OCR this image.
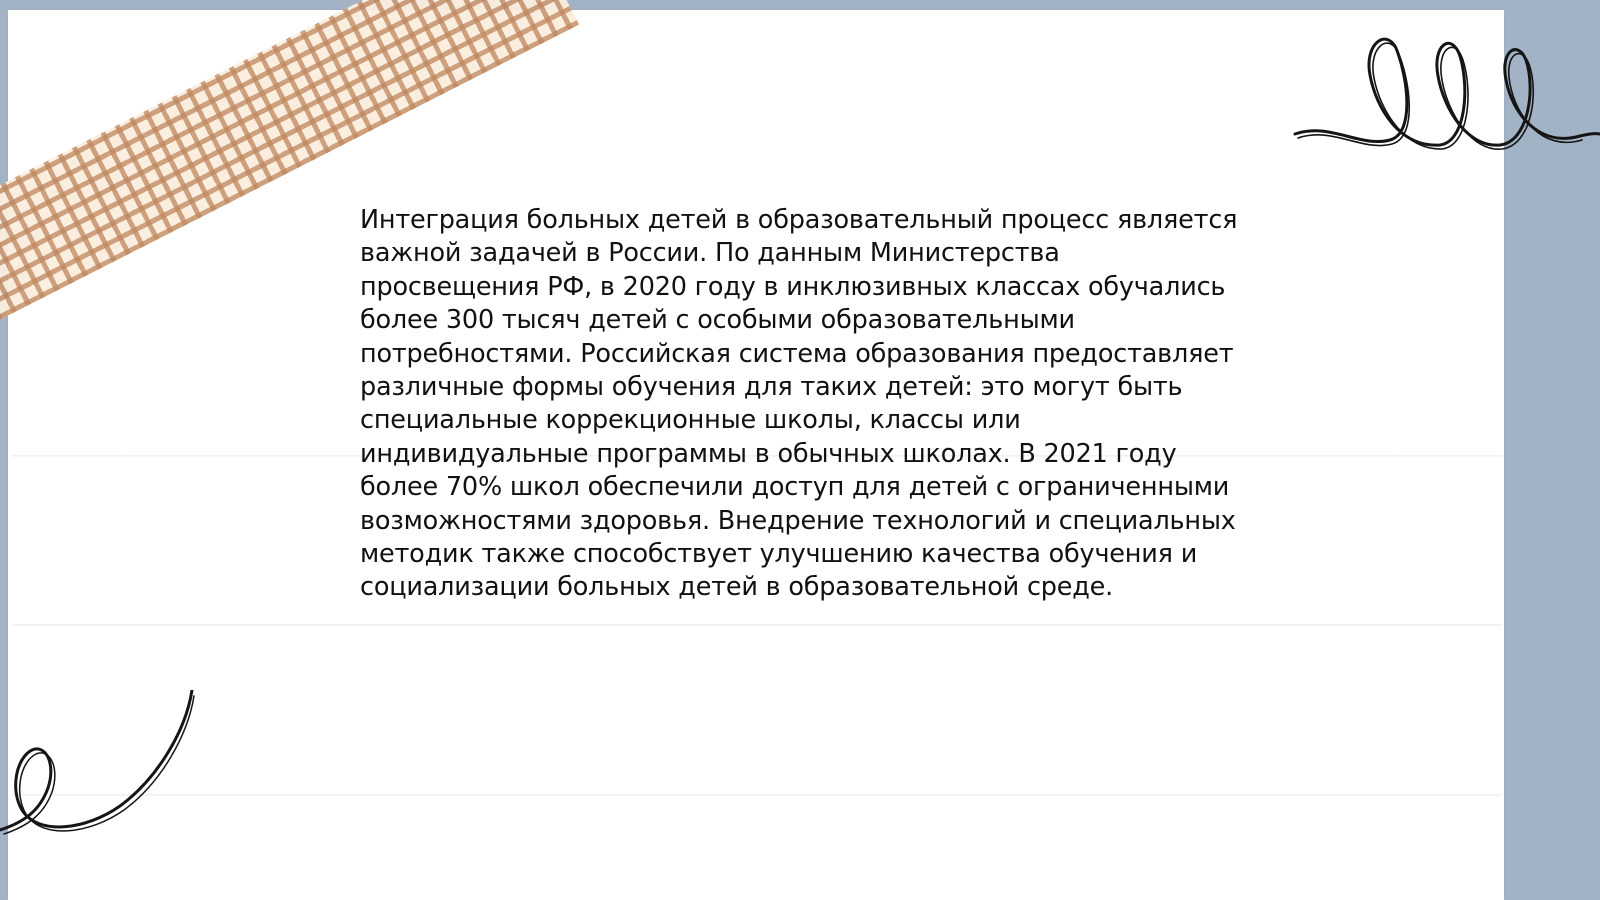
Интеграция больных детей в образовательный процесс является важной задачей в России. По данным Министерства просвещения РФ, в 2020 году в инклюзивных классах обучались более 300 тысяч детей с особыми образовательными потребностями. Российская система образования предоставляет различные формы обучения для таких детей: это могут быть специальные коррекционные школы, классы или индивидуальные программы в обычных школах. В 2021 году более 70% школ обеспечили доступ для детей с ограниченными возможностями здоровья. Внедрение технологий и специальных методик также способствует улучшению качества обучения и социализации больных детей в образовательной среде.
